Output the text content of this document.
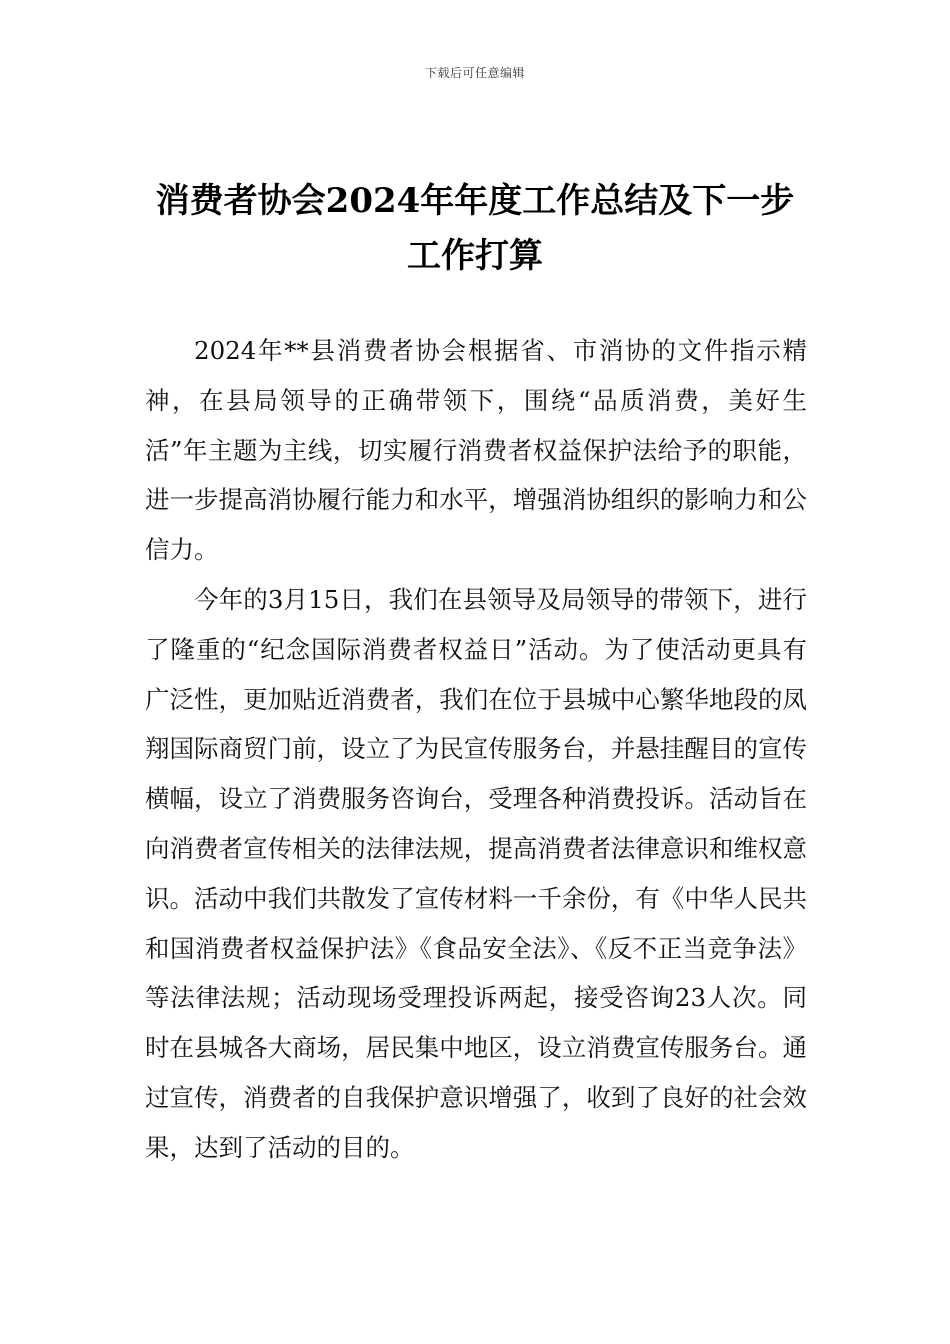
下载后可任意编辑
消费者协会2024年年度工作总结及下一步
工作打算

2024年**县消费者协会根据省、市消协的文件指示精神，在县局领导的正确带领下，围绕“品质消费，美好生活”年主题为主线，切实履行消费者权益保护法给予的职能，进一步提高消协履行能力和水平，增强消协组织的影响力和公信力。

今年的3月15日，我们在县领导及局领导的带领下，进行了隆重的“纪念国际消费者权益日”活动。为了使活动更具有广泛性，更加贴近消费者，我们在位于县城中心繁华地段的凤翔国际商贸门前，设立了为民宣传服务台，并悬挂醒目的宣传横幅，设立了消费服务咨询台，受理各种消费投诉。活动旨在向消费者宣传相关的法律法规，提高消费者法律意识和维权意识。活动中我们共散发了宣传材料一千余份，有《中华人民共和国消费者权益保护法》《食品安全法》、《反不正当竞争法》等法律法规；活动现场受理投诉两起，接受咨询23人次。同时在县城各大商场，居民集中地区，设立消费宣传服务台。通过宣传，消费者的自我保护意识增强了，收到了良好的社会效果，达到了活动的目的。
